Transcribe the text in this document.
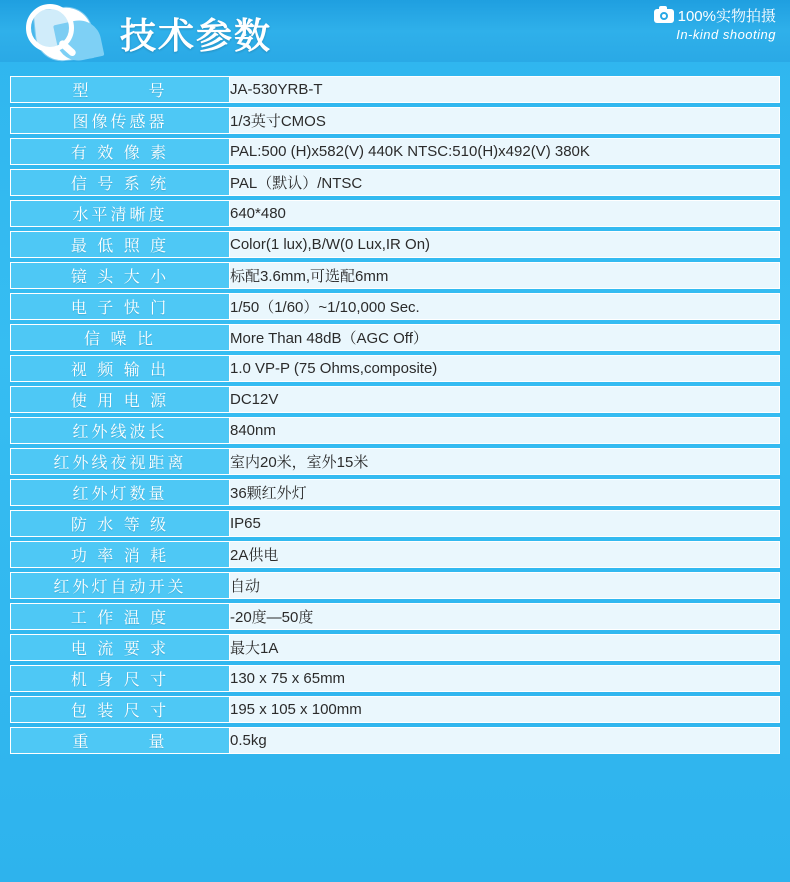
技术参数	100%实物拍摄
In-kind shooting
型　　　号	JA-530YRB-T
图像传感器	1/3英寸CMOS
有 效 像 素	PAL:500 (H)x582(V) 440K NTSC:510(H)x492(V) 380K
信 号 系 统	PAL（默认）/NTSC
水平清晰度	640*480
最 低 照 度	Color(1 lux),B/W(0 Lux,IR On)
镜 头 大 小	标配3.6mm,可选配6mm
电 子 快 门	1/50（1/60）~1/10,000 Sec.
信 噪 比	More Than 48dB（AGC Off）
视 频 输 出	1.0 VP-P (75 Ohms,composite)
使 用 电 源	DC12V
红外线波长	840nm
红外线夜视距离	室内20米，室外15米
红外灯数量	36颗红外灯
防 水 等 级	IP65
功 率 消 耗	2A供电
红外灯自动开关	自动
工 作 温 度	-20度—50度
电 流 要 求	最大1A
机 身 尺 寸	130 x 75 x 65mm
包 装 尺 寸	195 x 105 x 100mm
重　　　量	0.5kg
